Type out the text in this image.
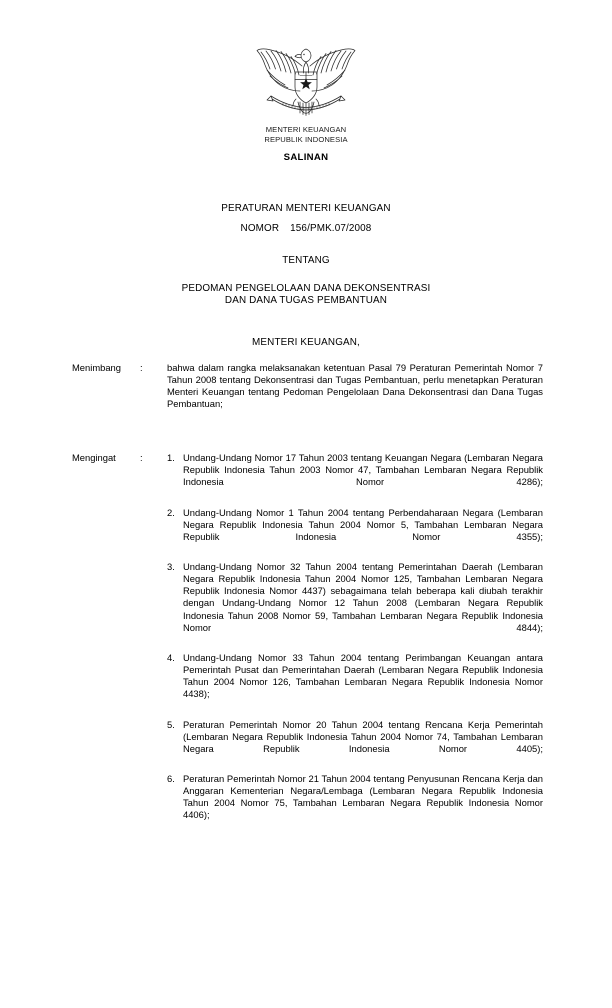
MENTERI KEUANGAN
REPUBLIK INDONESIA
SALINAN
PERATURAN MENTERI KEUANGAN
NOMOR 156/PMK.07/2008
TENTANG
PEDOMAN PENGELOLAAN DANA DEKONSENTRASI
DAN DANA TUGAS PEMBANTUAN
MENTERI KEUANGAN,
Menimbang	:	bahwa dalam rangka melaksanakan ketentuan Pasal 79 Peraturan Pemerintah Nomor 7 Tahun 2008 tentang Dekonsentrasi dan Tugas Pembantuan, perlu menetapkan Peraturan Menteri Keuangan tentang Pedoman Pengelolaan Dana Dekonsentrasi dan Dana Tugas Pembantuan;

Mengingat	:	Undang-Undang Nomor 17 Tahun 2003 tentang Keuangan Negara (Lembaran Negara Republik Indonesia Tahun 2003 Nomor 47, Tambahan Lembaran Negara Republik Indonesia Nomor 4286);
Undang-Undang Nomor 1 Tahun 2004 tentang Perbendaharaan Negara (Lembaran Negara Republik Indonesia Tahun 2004 Nomor 5, Tambahan Lembaran Negara Republik Indonesia Nomor 4355);
Undang-Undang Nomor 32 Tahun 2004 tentang Pemerintahan Daerah (Lembaran Negara Republik Indonesia Tahun 2004 Nomor 125, Tambahan Lembaran Negara Republik Indonesia Nomor 4437) sebagaimana telah beberapa kali diubah terakhir dengan Undang-Undang Nomor 12 Tahun 2008 (Lembaran Negara Republik Indonesia Tahun 2008 Nomor 59, Tambahan Lembaran Negara Republik Indonesia Nomor 4844);
Undang-Undang Nomor 33 Tahun 2004 tentang Perimbangan Keuangan antara Pemerintah Pusat dan Pemerintahan Daerah (Lembaran Negara Republik Indonesia Tahun 2004 Nomor 126, Tambahan Lembaran Negara Republik Indonesia Nomor 4438);
Peraturan Pemerintah Nomor 20 Tahun 2004 tentang Rencana Kerja Pemerintah (Lembaran Negara Republik Indonesia Tahun 2004 Nomor 74, Tambahan Lembaran Negara Republik Indonesia Nomor 4405);
Peraturan Pemerintah Nomor 21 Tahun 2004 tentang Penyusunan Rencana Kerja dan Anggaran Kementerian Negara/Lembaga (Lembaran Negara Republik Indonesia Tahun 2004 Nomor 75, Tambahan Lembaran Negara Republik Indonesia Nomor 4406);
